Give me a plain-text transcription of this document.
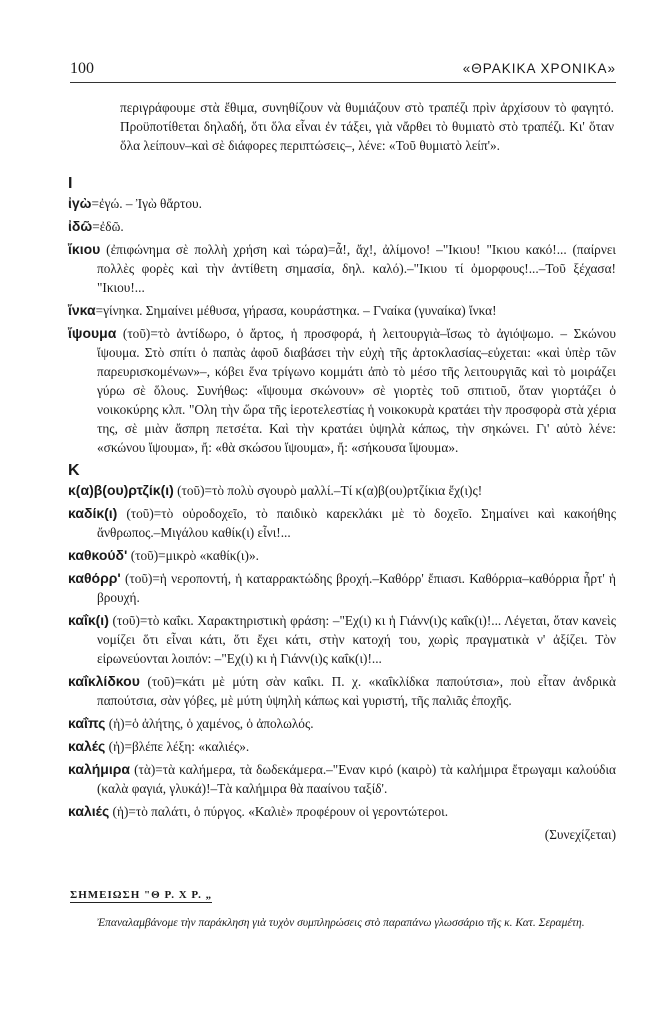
100	«ΘΡΑΚΙΚΑ ΧΡΟΝΙΚΑ»

περιγράφουμε στὰ ἔθιμα, συνηθίζουν νὰ θυμιάζουν στὸ τραπέζι πρὶν ἀρχίσουν τὸ φαγητό. Προϋποτίθεται δηλαδή, ὅτι ὅλα εἶναι ἐν τάξει, γιὰ νἄρθει τὸ θυμιατὸ στὸ τραπέζι. Κι' ὅταν ὅλα λείπουν–καὶ σὲ διάφορες περιπτώσεις–, λένε: «Τοῦ θυμιατὸ λείπ'».

Ι

ἰγὼ=ἐγώ. – Ἰγὼ θἄρτου.

ἰδῶ=ἐδῶ.

ἴκιου (ἐπιφώνημα σὲ πολλὴ χρήση καὶ τώρα)=ἆ!, ἄχ!, ἀλίμονο! –"Ικιου! "Ικιου κακό!... (παίρνει πολλὲς φορὲς καὶ τὴν ἀντίθετη σημασία, δηλ. καλό).–"Ικιου τί ὀμορφους!...–Τοῦ ξέχασα! "Ικιου!...

ἴνκα=γίνηκα. Σημαίνει μέθυσα, γήρασα, κουράστηκα. – Γναίκα (γυναίκα) ἴνκα!

ἴψουμα (τοῦ)=τὸ ἀντίδωρο, ὁ ἄρτος, ἡ προσφορά, ἡ λειτουργιὰ–ἴσως τὸ ἀγιόψωμο. – Σκώνου ἴψουμα. Στὸ σπίτι ὁ παπὰς ἀφοῦ διαβάσει τὴν εὐχὴ τῆς ἀρτοκλασίας–εὐχεται: «καὶ ὑπὲρ τῶν παρευρισκομένων»–, κόβει ἕνα τρίγωνο κομμάτι ἀπὸ τὸ μέσο τῆς λειτουργιᾶς καὶ τὸ μοιράζει γύρω σὲ ὅλους. Συνήθως: «ἴψουμα σκώνουν» σὲ γιορτὲς τοῦ σπιτιοῦ, ὅταν γιορτάζει ὁ νοικοκύρης κλπ. "Ολη τὴν ὥρα τῆς ἱεροτελεστίας ἡ νοικοκυρὰ κρατάει τὴν προσφορὰ στὰ χέρια της, σὲ μιὰν ἄσπρη πετσέτα. Καὶ τὴν κρατάει ὑψηλὰ κάπως, τὴν σηκώνει. Γι' αὐτὸ λένε: «σκώνου ἴψουμα», ἤ: «θὰ σκώσου ἴψουμα», ἤ: «σήκουσα ἴψουμα».

Κ

κ(α)β(ου)ρτζίκ(ι) (τοῦ)=τὸ πολὺ σγουρὸ μαλλί.–Τί κ(α)β(ου)ρτζίκια ἔχ(ι)ς!

καδίκ(ι) (τοῦ)=τὸ οὐροδοχεῖο, τὸ παιδικὸ καρεκλάκι μὲ τὸ δοχεῖο. Σημαίνει καὶ κακοήθης ἄνθρωπος.–Μιγάλου καθίκ(ι) εἶνι!...

καθκούδ' (τοῦ)=μικρὸ «καθίκ(ι)».

καθόρρ' (τοῦ)=ἡ νεροποντή, ἡ καταρρακτώδης βροχή.–Καθόρρ' ἔπιασι. Καθόρρια–καθόρρια ἦρτ' ἡ βρουχή.

καΐκ(ι) (τοῦ)=τὸ καΐκι. Χαρακτηριστικὴ φράση: –"Εχ(ι) κι ἡ Γιάνν(ι)ς καΐκ(ι)!... Λέγεται, ὅταν κανεὶς νομίζει ὅτι εἶναι κάτι, ὅτι ἔχει κάτι, στὴν κατοχή του, χωρὶς πραγματικὰ ν' ἀξίζει. Τὸν εἰρωνεύονται λοιπόν: –"Εχ(ι) κι ἡ Γιάνν(ι)ς καΐκ(ι)!...

καΐκλίδκου (τοῦ)=κάτι μὲ μύτη σὰν καΐκι. Π. χ. «καΐκλίδκα παπούτσια», ποὺ εἶταν ἀνδρικὰ παπούτσια, σὰν γόβες, μὲ μύτη ὑψηλὴ κάπως καὶ γυριστή, τῆς παλιᾶς ἐποχῆς.

καΐπς (ἡ)=ὁ ἀλήτης, ὁ χαμένος, ὁ ἀπολωλός.

καλές (ἡ)=βλέπε λέξη: «καλιές».

καλήμιρα (τὰ)=τὰ καλήμερα, τὰ δωδεκάμερα.–"Εναν κιρό (καιρὸ) τὰ καλήμιρα ἔτρωγαμι καλούδια (καλὰ φαγιά, γλυκά)!–Τὰ καλήμιρα θὰ πααίνου ταξίδ'.

καλιές (ἡ)=τὸ παλάτι, ὁ πύργος. «Καλιὲ» προφέρουν οἱ γεροντώτεροι.

(Συνεχίζεται)

ΣΗΜΕΙΩΣΗ "Θ Ρ. Χ Ρ. „

Ἐπαναλαμβάνομε τὴν παράκληση γιὰ τυχὸν συμπληρώσεις στὸ παραπάνω γλωσσάριο τῆς κ. Κατ. Σεραμέτη.
